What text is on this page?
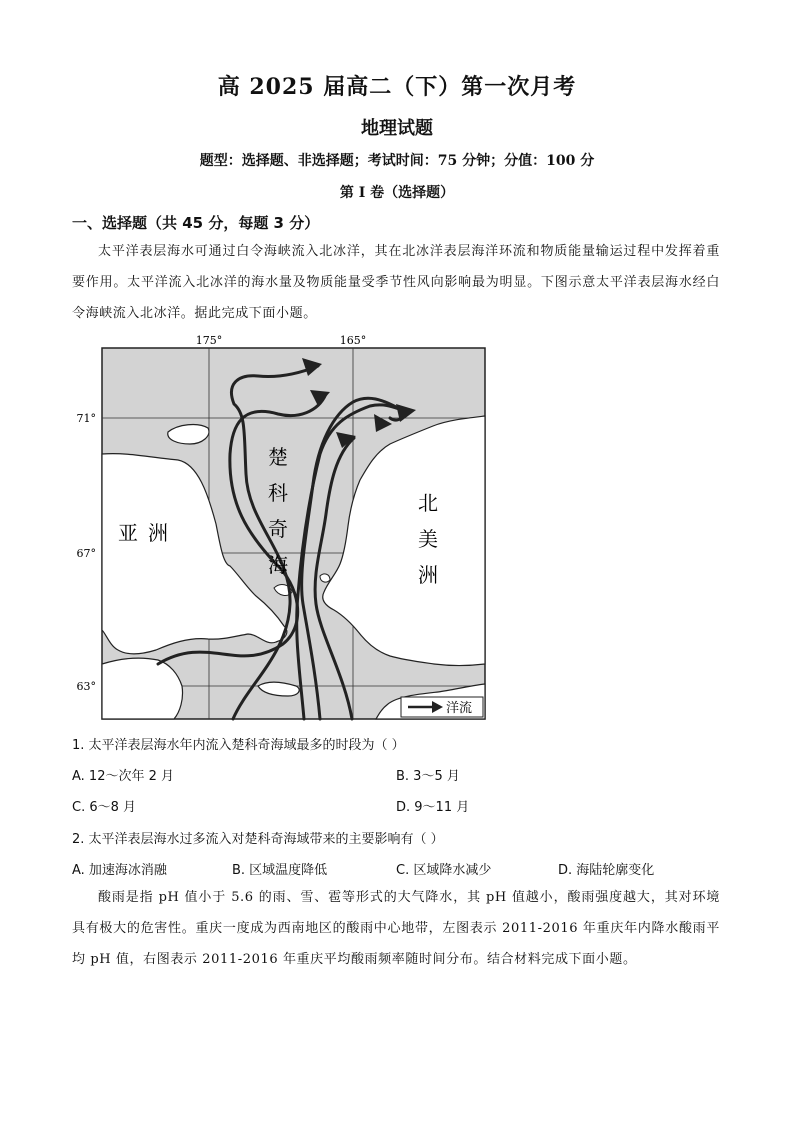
高 2025 届高二（下）第一次月考
地理试题
题型：选择题、非选择题；考试时间：75 分钟；分值：100 分
第 I 卷（选择题）
一、选择题（共 45 分，每题 3 分）
太平洋表层海水可通过白令海峡流入北冰洋，其在北冰洋表层海洋环流和物质能量输运过程中发挥着重要作用。太平洋流入北冰洋的海水量及物质能量受季节性风向影响最为明显。下图示意太平洋表层海水经白令海峡流入北冰洋。据此完成下面小题。
175°	165°
71°
67°
63°
亚 洲
楚
科
奇
海
北
美
洲
洋流
1. 太平洋表层海水年内流入楚科奇海域最多的时段为（ ）
A. 12～次年 2 月	B. 3～5 月
C. 6～8 月	D. 9～11 月
2. 太平洋表层海水过多流入对楚科奇海域带来的主要影响有（ ）
A. 加速海冰消融	B. 区域温度降低	C. 区域降水减少	D. 海陆轮廓变化
酸雨是指 pH 值小于 5.6 的雨、雪、雹等形式的大气降水，其 pH 值越小，酸雨强度越大，其对环境具有极大的危害性。重庆一度成为西南地区的酸雨中心地带，左图表示 2011-2016 年重庆年内降水酸雨平均 pH 值，右图表示 2011-2016 年重庆平均酸雨频率随时间分布。结合材料完成下面小题。
